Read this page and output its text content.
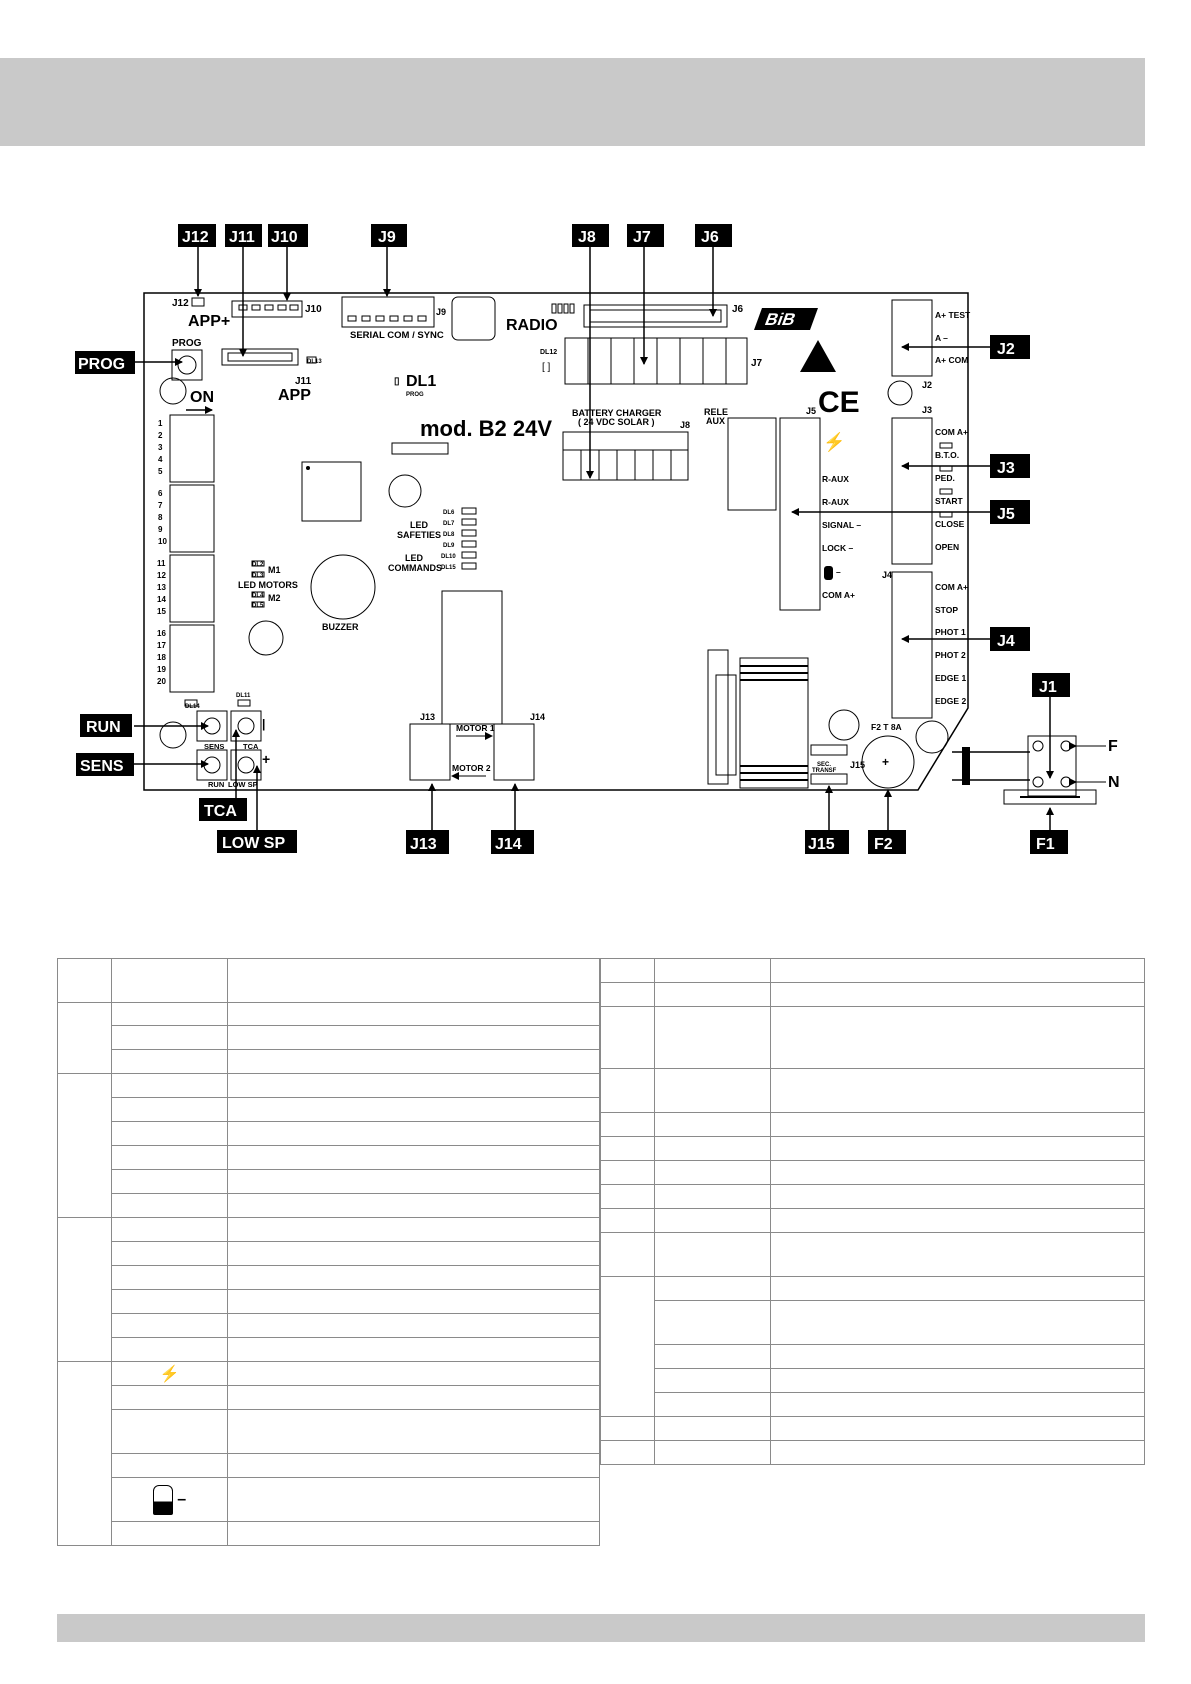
J12
APP+
J10	J9
SERIAL COM / SYNC
RADIO
J6
DL12
[ ]	J7
BiB
CE
PROG
J11
APP
DL13
▯ DL1
PROG
ON
mod. B2 24V
1
2
3
4
5
6
7
8
9
10
11
12
13
14
15
16
17
18
19
20
BUZZER
DL2
DL3
DL4
DL5
M1
LED MOTORS
M2
DL6
DL7
DL8
DL9
DL10
DL15
LED
SAFETIES
LED
COMMANDS
BATTERY CHARGER
( 24 VDC SOLAR )	J8
RELE
AUX
J5
⚡
R-AUX
R-AUX
SIGNAL –
LOCK –
–
COM A+
A+ TEST
A –
A+ COM
J2
J3
COM A+
B.T.O.
PED.
START
CLOSE
OPEN
J4
COM A+
STOP
PHOT 1
PHOT 2
EDGE 1
EDGE 2
F2 T 8A
+
SEC.
TRANSF
J15
F
N
DL14
DL11
SENS TCA
RUN LOW SP
|
+
J13	J14
MOTOR 1
MOTOR 2
J12 J11 J10	J9	J8 J7	J6
J2
J3
J5
J4
J1
PROG
RUN
SENS
TCA
LOW SP	J13	J14	J15 F2	F1

	⚡	

	–	
